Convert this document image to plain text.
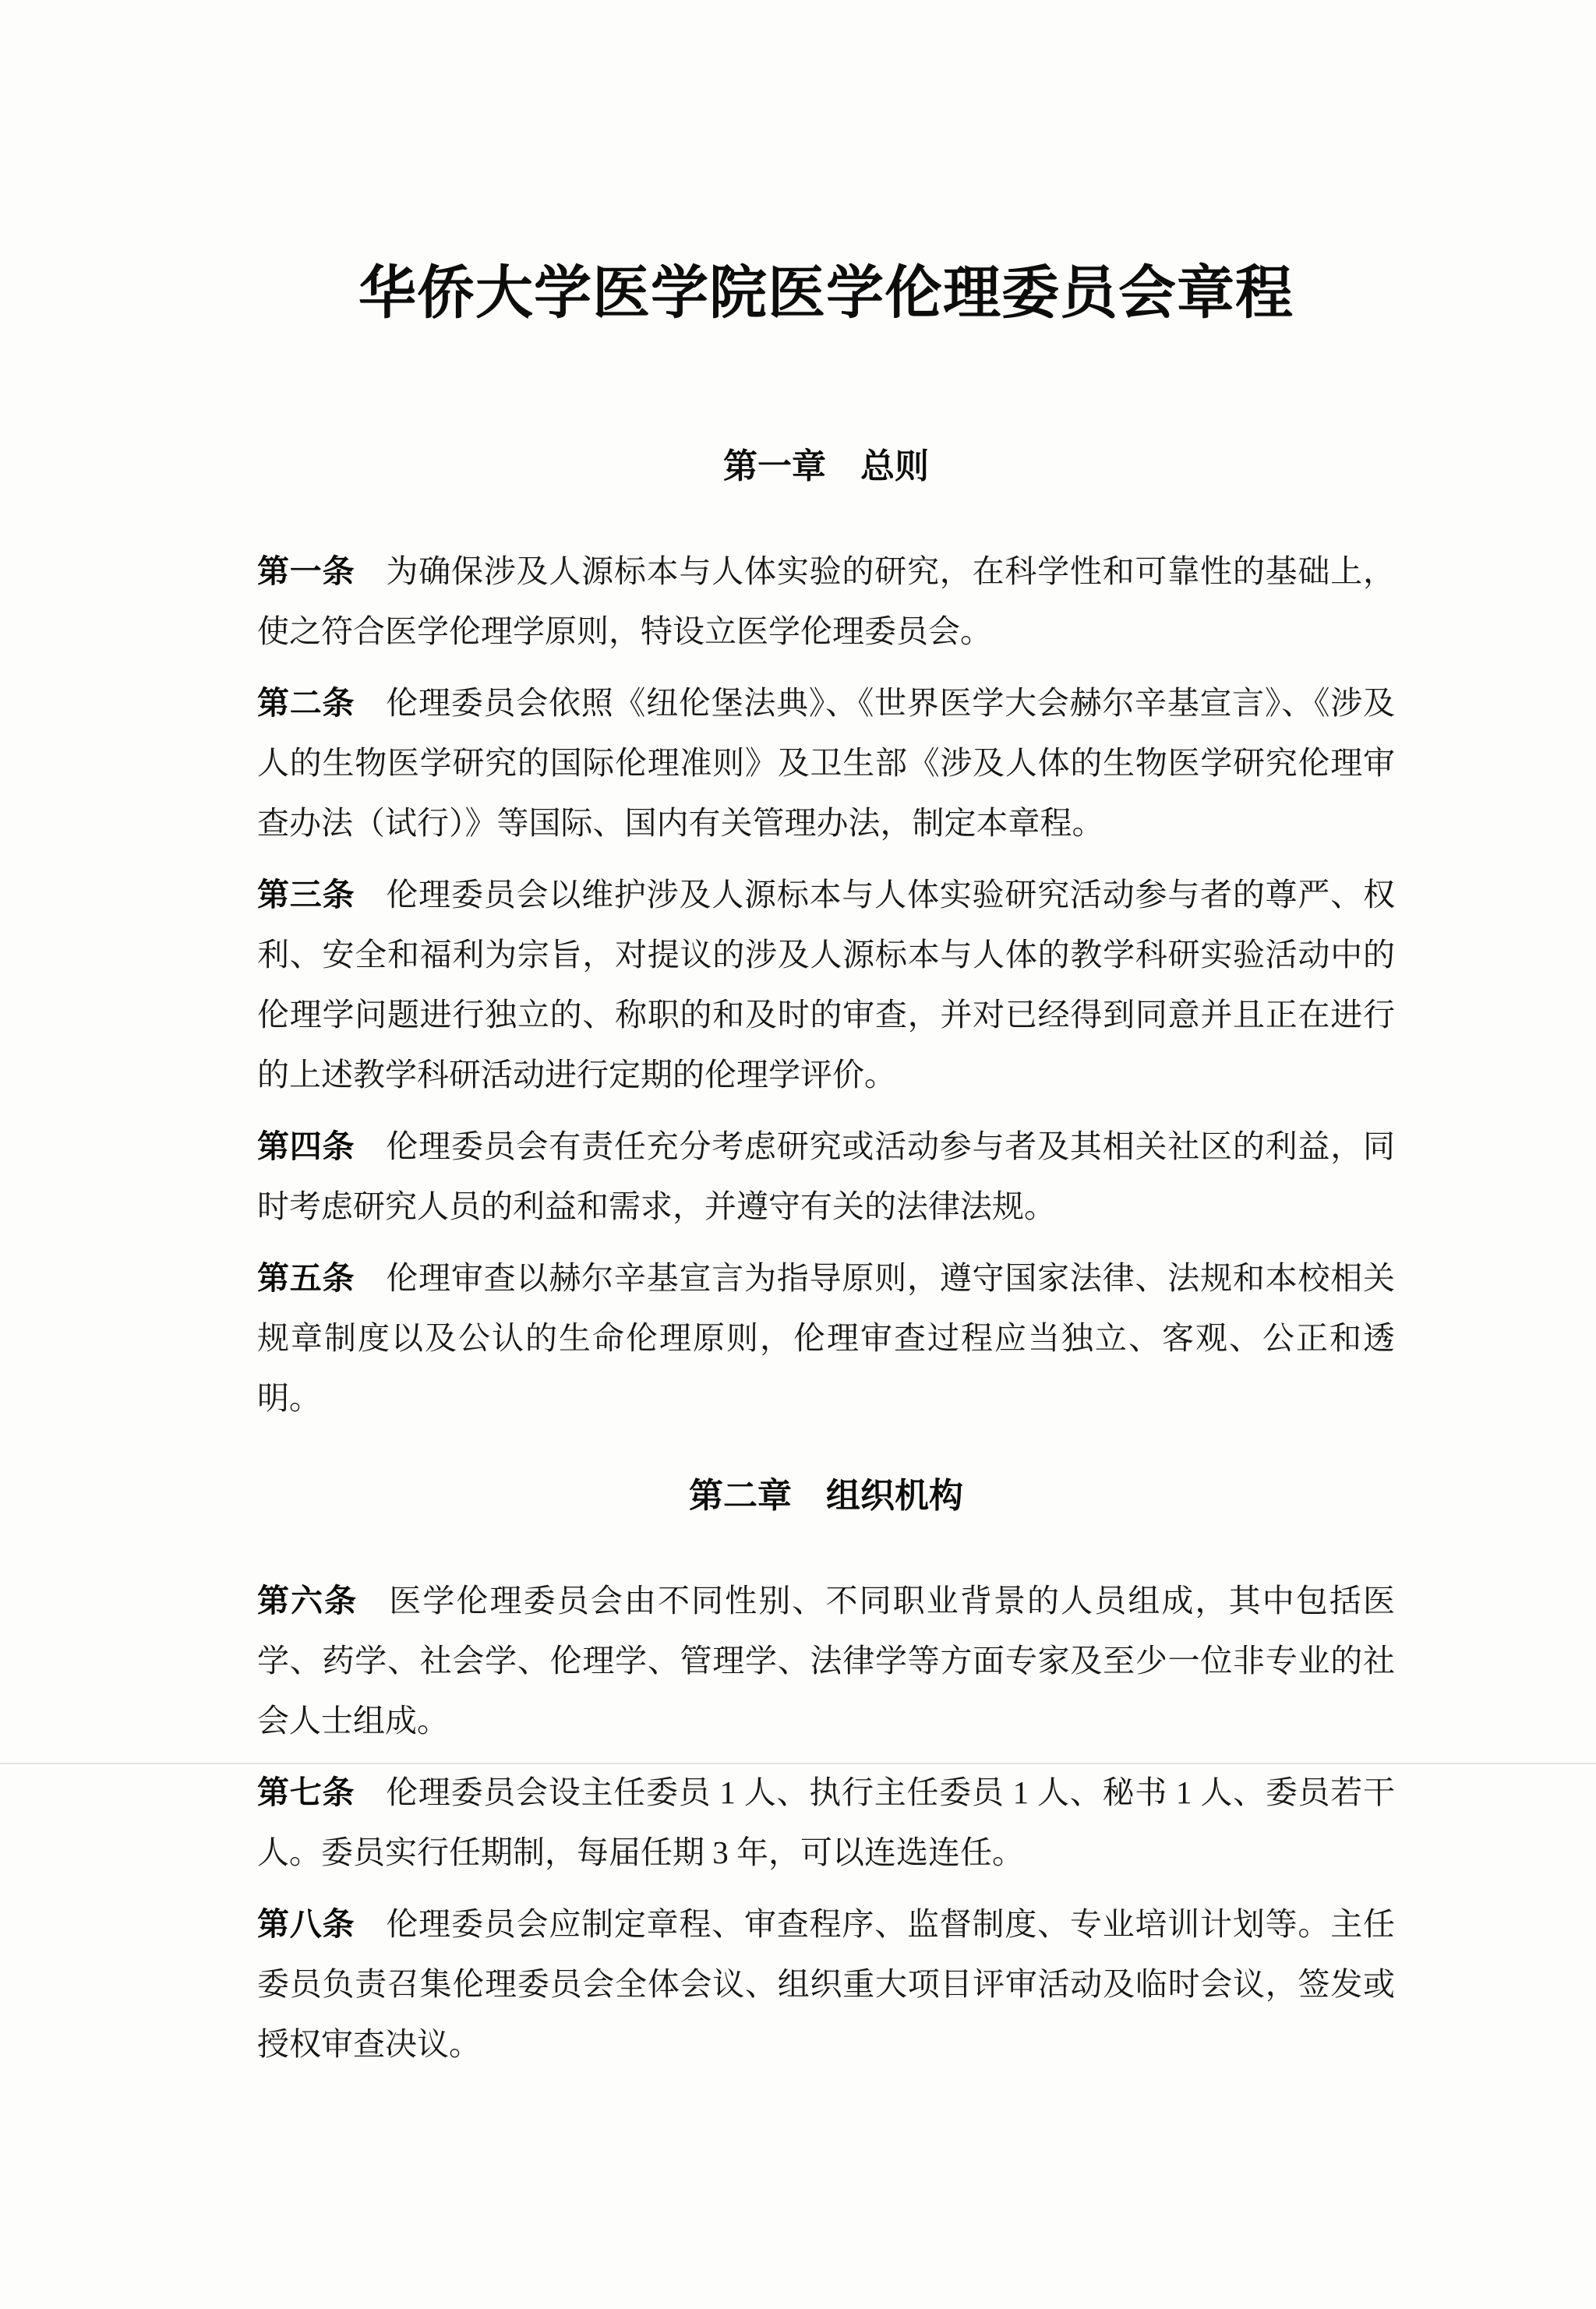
华侨大学医学院医学伦理委员会章程
第一章 总则

第一条 为确保涉及人源标本与人体实验的研究，在科学性和可靠性的基础上，使之符合医学伦理学原则，特设立医学伦理委员会。

第二条 伦理委员会依照《纽伦堡法典》、《世界医学大会赫尔辛基宣言》、《涉及人的生物医学研究的国际伦理准则》及卫生部《涉及人体的生物医学研究伦理审查办法（试行）》等国际、国内有关管理办法，制定本章程。

第三条 伦理委员会以维护涉及人源标本与人体实验研究活动参与者的尊严、权利、安全和福利为宗旨，对提议的涉及人源标本与人体的教学科研实验活动中的伦理学问题进行独立的、称职的和及时的审查，并对已经得到同意并且正在进行的上述教学科研活动进行定期的伦理学评价。

第四条 伦理委员会有责任充分考虑研究或活动参与者及其相关社区的利益，同时考虑研究人员的利益和需求，并遵守有关的法律法规。

第五条 伦理审查以赫尔辛基宣言为指导原则，遵守国家法律、法规和本校相关规章制度以及公认的生命伦理原则，伦理审查过程应当独立、客观、公正和透明。

第二章 组织机构

第六条 医学伦理委员会由不同性别、不同职业背景的人员组成，其中包括医学、药学、社会学、伦理学、管理学、法律学等方面专家及至少一位非专业的社会人士组成。

第七条 伦理委员会设主任委员 1 人、执行主任委员 1 人、秘书 1 人、委员若干人。委员实行任期制，每届任期 3 年，可以连选连任。

第八条 伦理委员会应制定章程、审查程序、监督制度、专业培训计划等。主任委员负责召集伦理委员会全体会议、组织重大项目评审活动及临时会议，签发或授权审查决议。
